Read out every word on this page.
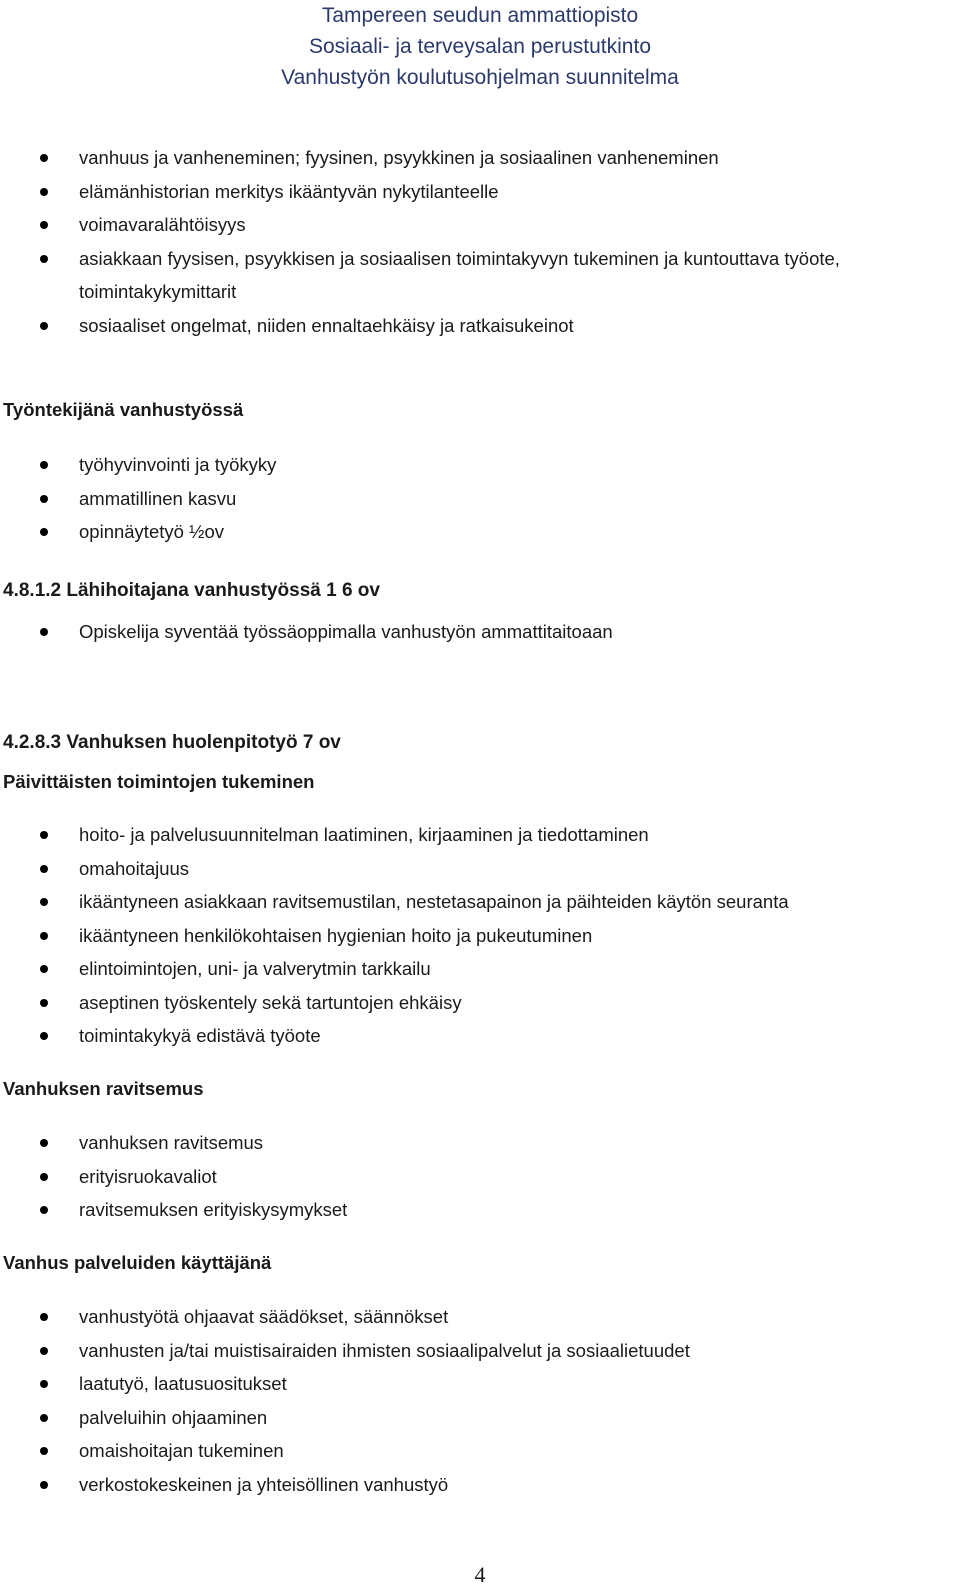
Tampereen seudun ammattiopisto
Sosiaali- ja terveysalan perustutkinto
Vanhustyön koulutusohjelman suunnitelma
vanhuus ja vanheneminen; fyysinen, psyykkinen ja sosiaalinen vanheneminen
elämänhistorian merkitys ikääntyvän nykytilanteelle
voimavaralähtöisyys
asiakkaan fyysisen, psyykkisen ja sosiaalisen toimintakyvyn tukeminen ja kuntouttava työote,
toimintakykymittarit
sosiaaliset ongelmat, niiden ennaltaehkäisy ja ratkaisukeinot
Työntekijänä vanhustyössä
työhyvinvointi ja työkyky
ammatillinen kasvu
opinnäytetyö ½ov
4.8.1.2 Lähihoitajana vanhustyössä 1 6 ov
Opiskelija syventää työssäoppimalla vanhustyön ammattitaitoaan
4.2.8.3 Vanhuksen huolenpitotyö 7 ov
Päivittäisten toimintojen tukeminen
hoito- ja palvelusuunnitelman laatiminen, kirjaaminen ja tiedottaminen
omahoitajuus
ikääntyneen asiakkaan ravitsemustilan, nestetasapainon ja päihteiden käytön seuranta
ikääntyneen henkilökohtaisen hygienian hoito ja pukeutuminen
elintoimintojen, uni- ja valverytmin tarkkailu
aseptinen työskentely sekä tartuntojen ehkäisy
toimintakykyä edistävä työote
Vanhuksen ravitsemus
vanhuksen ravitsemus
erityisruokavaliot
ravitsemuksen erityiskysymykset
Vanhus palveluiden käyttäjänä
vanhustyötä ohjaavat säädökset, säännökset
vanhusten ja/tai muistisairaiden ihmisten sosiaalipalvelut ja sosiaalietuudet
laatutyö, laatusuositukset
palveluihin ohjaaminen
omaishoitajan tukeminen
verkostokeskeinen ja yhteisöllinen vanhustyö
4
